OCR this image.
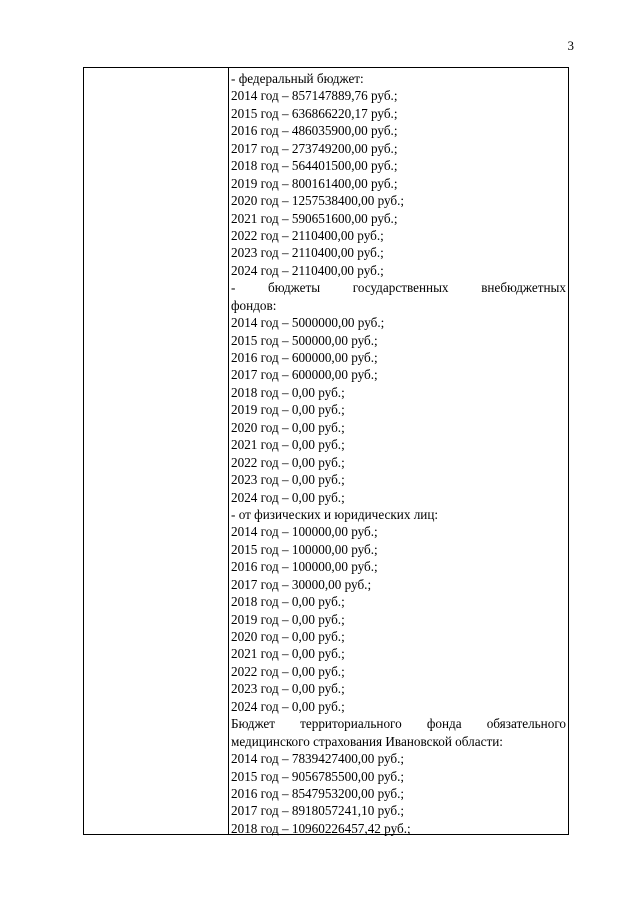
3
- федеральный бюджет:
2014 год – 857147889,76 руб.;
2015 год – 636866220,17 руб.;
2016 год – 486035900,00 руб.;
2017 год – 273749200,00 руб.;
2018 год – 564401500,00 руб.;
2019 год – 800161400,00 руб.;
2020 год – 1257538400,00 руб.;
2021 год – 590651600,00 руб.;
2022 год – 2110400,00 руб.;
2023 год – 2110400,00 руб.;
2024 год – 2110400,00 руб.;
- бюджеты государственных внебюджетных
фондов:
2014 год – 5000000,00 руб.;
2015 год – 500000,00 руб.;
2016 год – 600000,00 руб.;
2017 год – 600000,00 руб.;
2018 год – 0,00 руб.;
2019 год – 0,00 руб.;
2020 год – 0,00 руб.;
2021 год – 0,00 руб.;
2022 год – 0,00 руб.;
2023 год – 0,00 руб.;
2024 год – 0,00 руб.;
- от физических и юридических лиц:
2014 год – 100000,00 руб.;
2015 год – 100000,00 руб.;
2016 год – 100000,00 руб.;
2017 год – 30000,00 руб.;
2018 год – 0,00 руб.;
2019 год – 0,00 руб.;
2020 год – 0,00 руб.;
2021 год – 0,00 руб.;
2022 год – 0,00 руб.;
2023 год – 0,00 руб.;
2024 год – 0,00 руб.;
Бюджет территориального фонда обязательного
медицинского страхования Ивановской области:
2014 год – 7839427400,00 руб.;
2015 год – 9056785500,00 руб.;
2016 год – 8547953200,00 руб.;
2017 год – 8918057241,10 руб.;
2018 год – 10960226457,42 руб.;
